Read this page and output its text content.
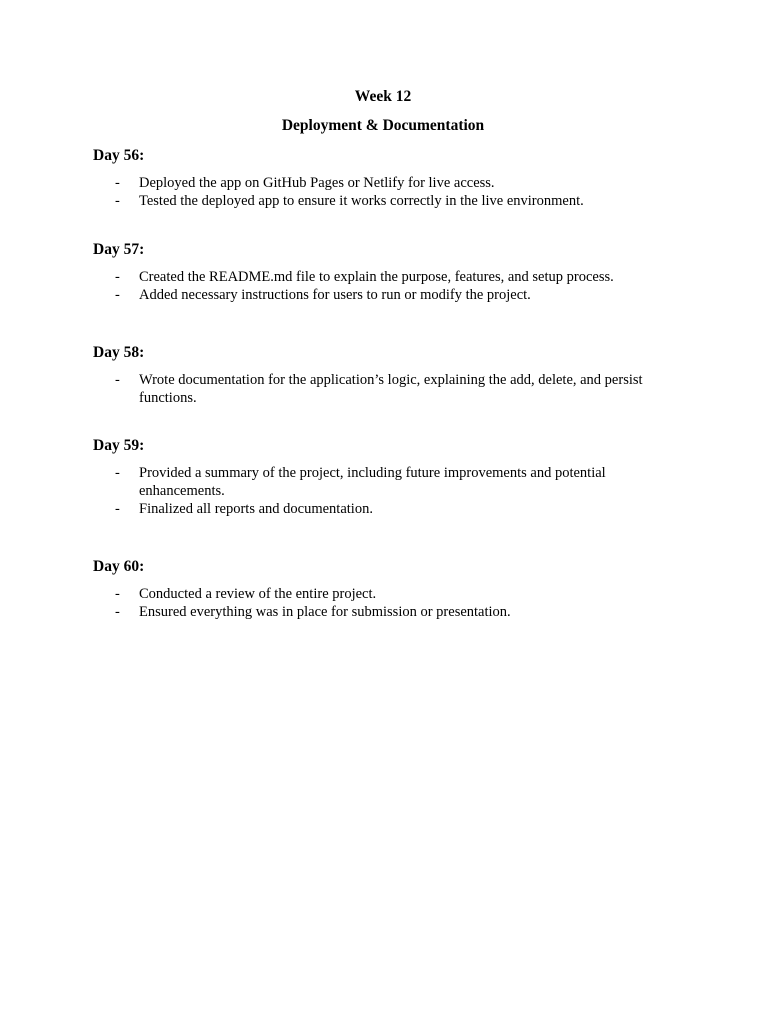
Week 12
Deployment & Documentation
Day 56:
- Deployed the app on GitHub Pages or Netlify for live access.
- Tested the deployed app to ensure it works correctly in the live environment.
Day 57:
- Created the README.md file to explain the purpose, features, and setup process.
- Added necessary instructions for users to run or modify the project.
Day 58:
- Wrote documentation for the application’s logic, explaining the add, delete, and persist functions.
Day 59:
- Provided a summary of the project, including future improvements and potential enhancements.
- Finalized all reports and documentation.
Day 60:
- Conducted a review of the entire project.
- Ensured everything was in place for submission or presentation.
